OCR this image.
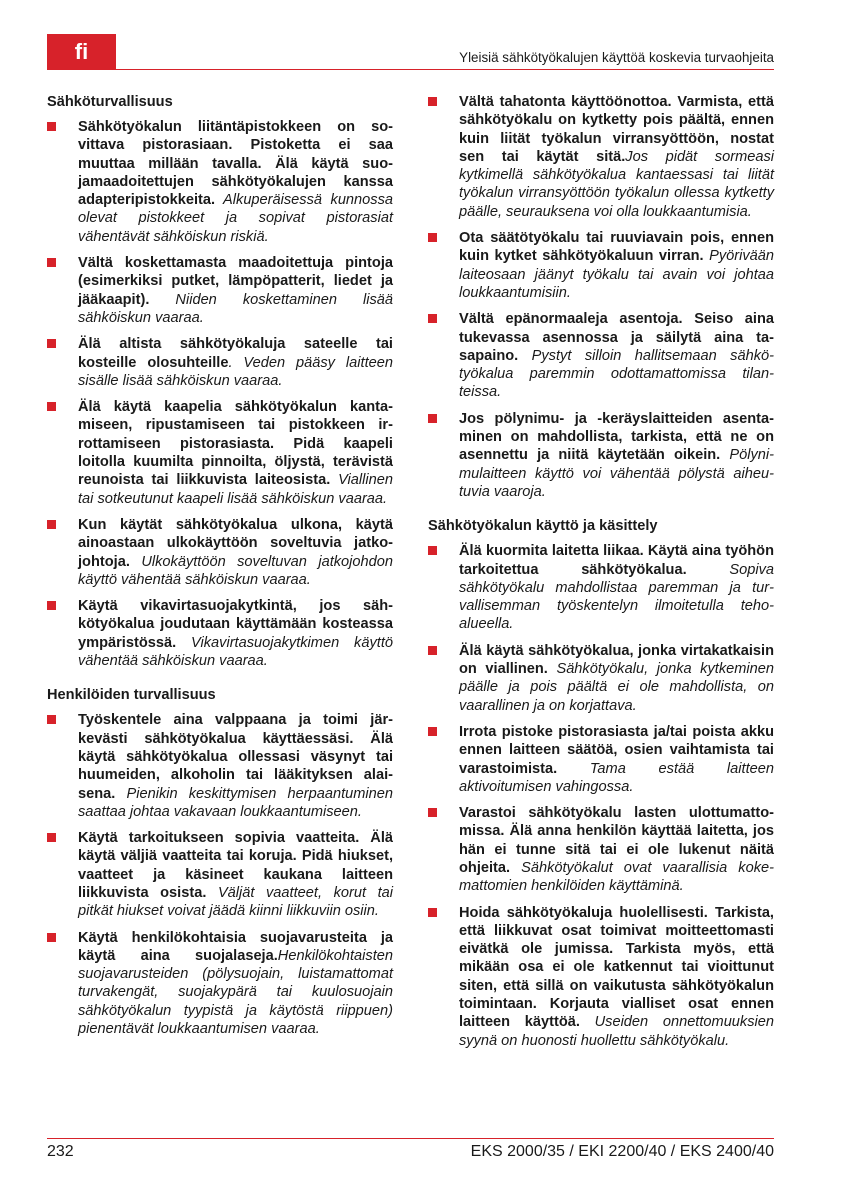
fi	Yleisiä sähkötyökalujen käyttöä koskevia turvaohjeita
Sähköturvallisuus
Sähkötyökalun liitäntäpistokkeen on sovittava pistorasiaan. Pistoketta ei saa muuttaa millään tavalla. Älä käytä suojamaadoitettujen sähkötyökalujen kanssa adapteripistokkeita. Alkuperäisessä kunnossa olevat pistokkeet ja sopivat pistorasiat vähentävät sähköiskun riskiä.
Vältä koskettamasta maadoitettuja pintoja (esimerkiksi putket, lämpöpatterit, liedet ja jääkaapit). Niiden koskettaminen lisää sähköiskun vaaraa.
Älä altista sähkötyökaluja sateelle tai kosteille olosuhteille. Veden pääsy laitteen sisälle lisää sähköiskun vaaraa.
Älä käytä kaapelia sähkötyökalun kantamiseen, ripustamiseen tai pistokkeen irrottamiseen pistorasiasta. Pidä kaapeli loitolla kuumilta pinnoilta, öljystä, terävistä reunoista tai liikkuvista laiteosista. Viallinen tai sotkeutunut kaapeli lisää sähköiskun vaaraa.
Kun käytät sähkötyökalua ulkona, käytä ainoastaan ulkokäyttöön soveltuvia jatkojohtoja. Ulkokäyttöön soveltuvan jatkojohdon käyttö vähentää sähköiskun vaaraa.
Käytä vikavirtasuojakytkintä, jos sähkötyökalua joudutaan käyttämään kosteassa ympäristössä. Vikavirtasuojakytkimen käyttö vähentää sähköiskun vaaraa.
Henkilöiden turvallisuus
Työskentele aina valppaana ja toimi järkevästi sähkötyökalua käyttäessäsi. Älä käytä sähkötyökalua ollessasi väsynyt tai huumeiden, alkoholin tai lääkityksen alaisena. Pienikin keskittymisen herpaantuminen saattaa johtaa vakavaan loukkaantumiseen.
Käytä tarkoitukseen sopivia vaatteita. Älä käytä väljiä vaatteita tai koruja. Pidä hiukset, vaatteet ja käsineet kaukana laitteen liikkuvista osista. Väljät vaatteet, korut tai pitkät hiukset voivat jäädä kiinni liikkuviin osiin.
Käytä henkilökohtaisia suojavarusteita ja käytä aina suojalaseja.Henkilökohtaisten suojavarusteiden (pölysuojain, luistamattomat turvakengät, suojakypärä tai kuulosuojain sähkötyökalun tyypistä ja käytöstä riippuen) pienentävät loukkaantumisen vaaraa.
Vältä tahatonta käyttöönottoa. Varmista, että sähkötyökalu on kytketty pois päältä, ennen kuin liität työkalun virransyöttöön, nostat sen tai käytät sitä.Jos pidät sormeasi kytkimellä sähkötyökalua kantaessasi tai liität työkalun virransyöttöön työkalun ollessa kytketty päälle, seurauksena voi olla loukkaantumisia.
Ota säätötyökalu tai ruuviavain pois, ennen kuin kytket sähkötyökaluun virran. Pyörivään laiteosaan jäänyt työkalu tai avain voi johtaa loukkaantumisiin.
Vältä epänormaaleja asentoja. Seiso aina tukevassa asennossa ja säilytä aina tasapaino. Pystyt silloin hallitsemaan sähkötyökalua paremmin odottamattomissa tilanteissa.
Jos pölynimu- ja -keräyslaitteiden asentaminen on mahdollista, tarkista, että ne on asennettu ja niitä käytetään oikein. Pölynimulaitteen käyttö voi vähentää pölystä aiheutuvia vaaroja.
Sähkötyökalun käyttö ja käsittely
Älä kuormita laitetta liikaa. Käytä aina työhön tarkoitettua sähkötyökalua. Sopiva sähkötyökalu mahdollistaa paremman ja turvallisemman työskentelyn ilmoitetulla tehoalueella.
Älä käytä sähkötyökalua, jonka virtakatkaisin on viallinen. Sähkötyökalu, jonka kytkeminen päälle ja pois päältä ei ole mahdollista, on vaarallinen ja on korjattava.
Irrota pistoke pistorasiasta ja/tai poista akku ennen laitteen säätöä, osien vaihtamista tai varastoimista. Tama estää laitteen aktivoitumisen vahingossa.
Varastoi sähkötyökalu lasten ulottumattomissa. Älä anna henkilön käyttää laitetta, jos hän ei tunne sitä tai ei ole lukenut näitä ohjeita. Sähkötyökalut ovat vaarallisia kokemattomien henkilöiden käyttäminä.
Hoida sähkötyökaluja huolellisesti. Tarkista, että liikkuvat osat toimivat moitteettomasti eivätkä ole jumissa. Tarkista myös, että mikään osa ei ole katkennut tai vioittunut siten, että sillä on vaikutusta sähkötyökalun toimintaan. Korjauta vialliset osat ennen laitteen käyttöä. Useiden onnettomuuksien syynä on huonosti huollettu sähkötyökalu.
232	EKS 2000/35 / EKI 2200/40 / EKS 2400/40
